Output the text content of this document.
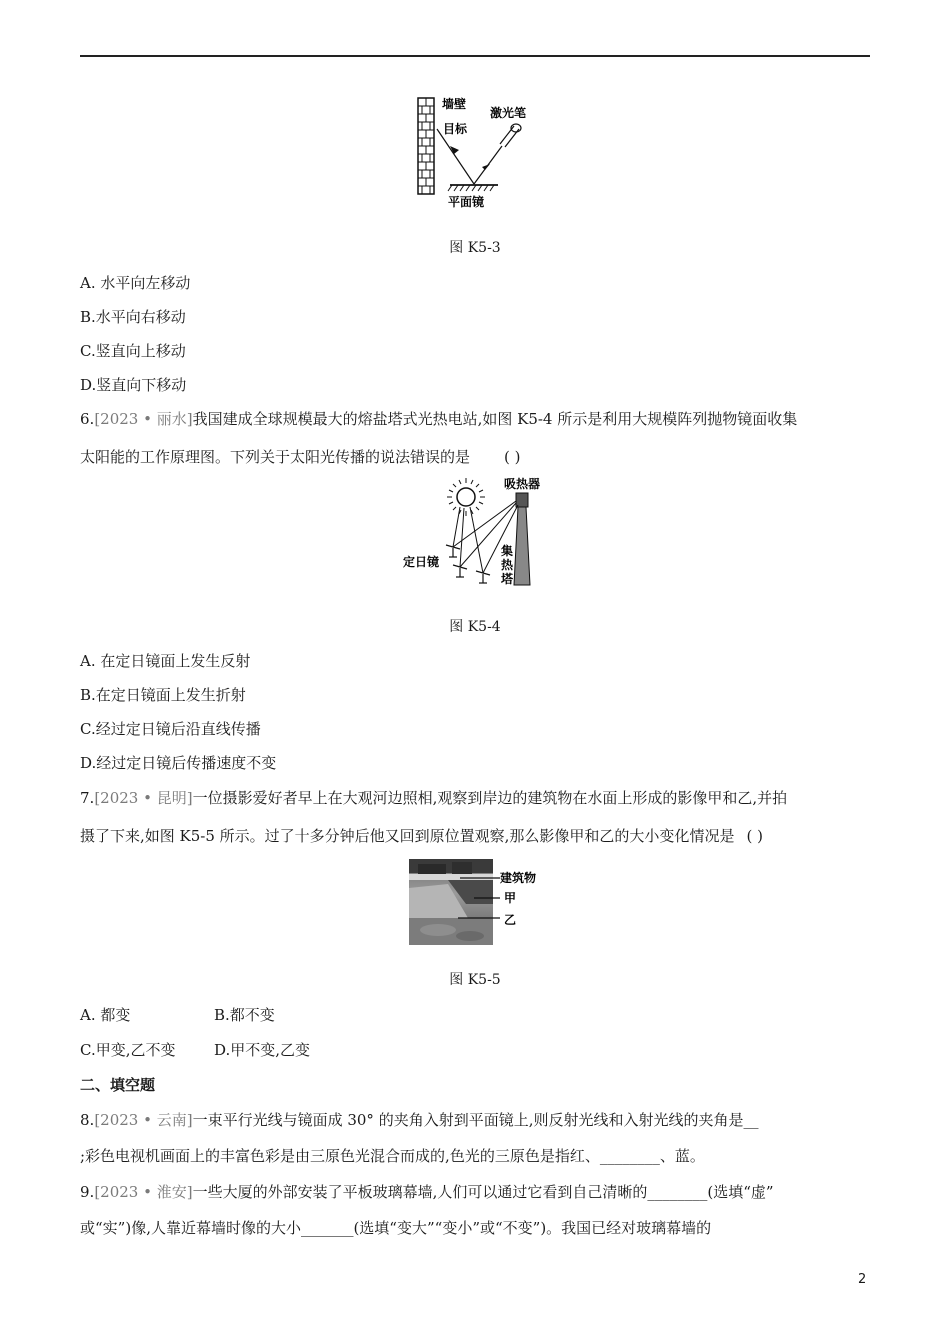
墙壁
目标
激光笔
平面镜
图 K5-3
A. 水平向左移动
B.水平向右移动
C.竖直向上移动
D.竖直向下移动
6.[2023 • 丽水]我国建成全球规模最大的熔盐塔式光热电站,如图 K5-4 所示是利用大规模阵列抛物镜面收集
太阳能的工作原理图。下列关于太阳光传播的说法错误的是 ( )
吸热器
定日镜
集
热
塔
图 K5-4
A. 在定日镜面上发生反射
B.在定日镜面上发生折射
C.经过定日镜后沿直线传播
D.经过定日镜后传播速度不变
7.[2023 • 昆明]一位摄影爱好者早上在大观河边照相,观察到岸边的建筑物在水面上形成的影像甲和乙,并拍
摄了下来,如图 K5-5 所示。过了十多分钟后他又回到原位置观察,那么影像甲和乙的大小变化情况是 ( )
建筑物
甲
乙
图 K5-5
A. 都变	B.都不变
C.甲变,乙不变	D.甲不变,乙变
二、填空题
8.[2023 • 云南]一束平行光线与镜面成 30° 的夹角入射到平面镜上,则反射光线和入射光线的夹角是__
;彩色电视机画面上的丰富色彩是由三原色光混合而成的,色光的三原色是指红、________、蓝。
9.[2023 • 淮安]一些大厦的外部安装了平板玻璃幕墙,人们可以通过它看到自己清晰的________(选填“虚”
或“实”)像,人靠近幕墙时像的大小_______(选填“变大”“变小”或“不变”)。我国已经对玻璃幕墙的
2
